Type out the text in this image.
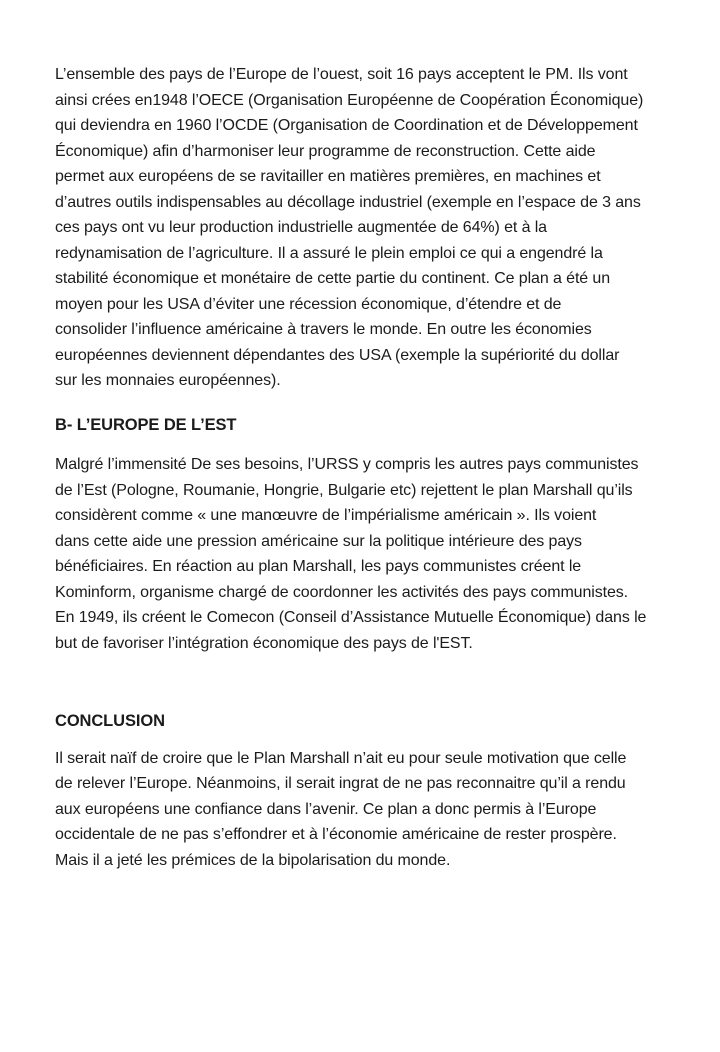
L’ensemble des pays de l’Europe de l’ouest, soit 16 pays acceptent le PM. Ils vont
ainsi crées en1948 l’OECE (Organisation Européenne de Coopération Économique)
qui deviendra en 1960 l’OCDE (Organisation de Coordination et de Développement
Économique) afin d’harmoniser leur programme de reconstruction. Cette aide
permet aux européens de se ravitailler en matières premières, en machines et
d’autres outils indispensables au décollage industriel (exemple en l’espace de 3 ans
ces pays ont vu leur production industrielle augmentée de 64%) et à la
redynamisation de l’agriculture. Il a assuré le plein emploi ce qui a engendré la
stabilité économique et monétaire de cette partie du continent. Ce plan a été un
moyen pour les USA d’éviter une récession économique, d’étendre et de
consolider l’influence américaine à travers le monde. En outre les économies
européennes deviennent dépendantes des USA (exemple la supériorité du dollar
sur les monnaies européennes).
B- L’EUROPE DE L’EST
Malgré l’immensité De ses besoins, l’URSS y compris les autres pays communistes
de l’Est (Pologne, Roumanie, Hongrie, Bulgarie etc) rejettent le plan Marshall qu’ils
considèrent comme « une manœuvre de l’impérialisme américain ». Ils voient
dans cette aide une pression américaine sur la politique intérieure des pays
bénéficiaires. En réaction au plan Marshall, les pays communistes créent le
Kominform, organisme chargé de coordonner les activités des pays communistes.
En 1949, ils créent le Comecon (Conseil d’Assistance Mutuelle Économique) dans le
but de favoriser l’intégration économique des pays de l'EST.
CONCLUSION
Il serait naïf de croire que le Plan Marshall n’ait eu pour seule motivation que celle
de relever l’Europe. Néanmoins, il serait ingrat de ne pas reconnaitre qu’il a rendu
aux européens une confiance dans l’avenir. Ce plan a donc permis à l’Europe
occidentale de ne pas s’effondrer et à l’économie américaine de rester prospère.
Mais il a jeté les prémices de la bipolarisation du monde.
